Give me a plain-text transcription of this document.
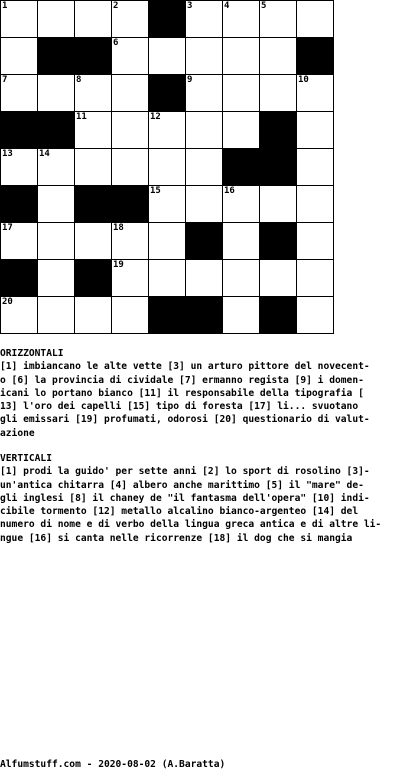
1	2	3	4	5
6
7	8	9	10
11	12
13	14
15	16
17	18
19
20
ORIZZONTALI
[1] imbiancano le alte vette [3] un arturo pittore del novecent-
o [6] la provincia di cividale [7] ermanno regista [9] i domen-
icani lo portano bianco [11] il responsabile della tipografia [
13] l'oro dei capelli [15] tipo di foresta [17] li... svuotano
gli emissari [19] profumati, odorosi [20] questionario di valut-
azione
VERTICALI
[1] prodi la guido' per sette anni [2] lo sport di rosolino [3]-
un'antica chitarra [4] albero anche marittimo [5] il "mare" de-
gli inglesi [8] il chaney de "il fantasma dell'opera" [10] indi-
cibile tormento [12] metallo alcalino bianco-argenteo [14] del
numero di nome e di verbo della lingua greca antica e di altre li-
ngue [16] si canta nelle ricorrenze [18] il dog che si mangia
Alfumstuff.com - 2020-08-02 (A.Baratta)
